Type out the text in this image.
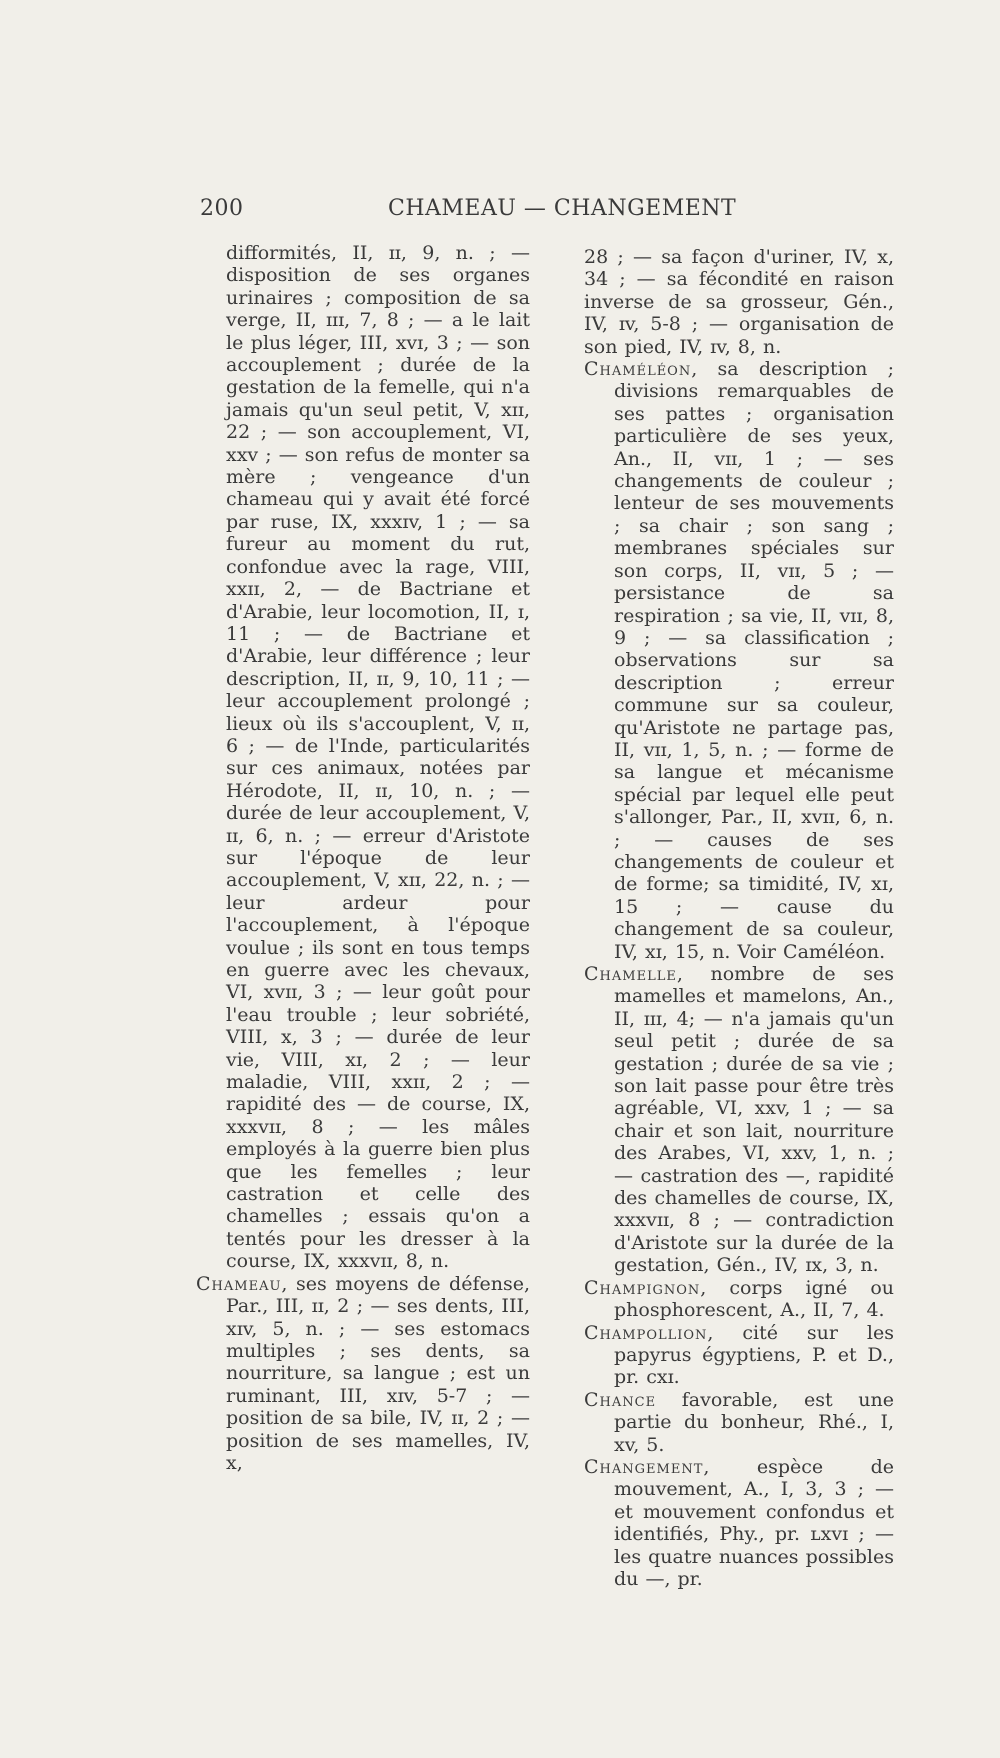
200	CHAMEAU — CHANGEMENT

difformités, II, ɪɪ, 9, n. ; — disposition de ses organes urinaires ; composition de sa verge, II, ɪɪɪ, 7, 8 ; — a le lait le plus léger, III, xvɪ, 3 ; — son accouplement ; durée de la gestation de la femelle, qui n'a jamais qu'un seul petit, V, xɪɪ, 22 ; — son accouplement, VI, xxv ; — son refus de monter sa mère ; vengeance d'un chameau qui y avait été forcé par ruse, IX, xxxɪv, 1 ; — sa fureur au moment du rut, confondue avec la rage, VIII, xxɪɪ, 2, — de Bactriane et d'Arabie, leur locomotion, II, ɪ, 11 ; — de Bactriane et d'Arabie, leur différence ; leur description, II, ɪɪ, 9, 10, 11 ; — leur accouplement prolongé ; lieux où ils s'accouplent, V, ɪɪ, 6 ; — de l'Inde, particularités sur ces animaux, notées par Hérodote, II, ɪɪ, 10, n. ; — durée de leur accouplement, V, ɪɪ, 6, n. ; — erreur d'Aristote sur l'époque de leur accouplement, V, xɪɪ, 22, n. ; — leur ardeur pour l'accouplement, à l'époque voulue ; ils sont en tous temps en guerre avec les chevaux, VI, xvɪɪ, 3 ; — leur goût pour l'eau trouble ; leur sobriété, VIII, x, 3 ; — durée de leur vie, VIII, xɪ, 2 ; — leur maladie, VIII, xxɪɪ, 2 ; — rapidité des — de course, IX, xxxvɪɪ, 8 ; — les mâles employés à la guerre bien plus que les femelles ; leur castration et celle des chamelles ; essais qu'on a tentés pour les dresser à la course, IX, xxxvɪɪ, 8, n.

Chameau, ses moyens de défense, Par., III, ɪɪ, 2 ; — ses dents, III, xɪv, 5, n. ; — ses estomacs multiples ; ses dents, sa nourriture, sa langue ; est un ruminant, III, xɪv, 5-7 ; — position de sa bile, IV, ɪɪ, 2 ; — position de ses mamelles, IV, x,

28 ; — sa façon d'uriner, IV, x, 34 ; — sa fécondité en raison inverse de sa grosseur, Gén., IV, ɪv, 5-8 ; — organisation de son pied, IV, ɪv, 8, n.

Chaméléon, sa description ; divisions remarquables de ses pattes ; organisation particulière de ses yeux, An., II, vɪɪ, 1 ; — ses changements de couleur ; lenteur de ses mouvements ; sa chair ; son sang ; membranes spéciales sur son corps, II, vɪɪ, 5 ; — persistance de sa respiration ; sa vie, II, vɪɪ, 8, 9 ; — sa classification ; observations sur sa description ; erreur commune sur sa couleur, qu'Aristote ne partage pas, II, vɪɪ, 1, 5, n. ; — forme de sa langue et mécanisme spécial par lequel elle peut s'allonger, Par., II, xvɪɪ, 6, n. ; — causes de ses changements de couleur et de forme; sa timidité, IV, xɪ, 15 ; — cause du changement de sa couleur, IV, xɪ, 15, n. Voir Caméléon.

Chamelle, nombre de ses mamelles et mamelons, An., II, ɪɪɪ, 4; — n'a jamais qu'un seul petit ; durée de sa gestation ; durée de sa vie ; son lait passe pour être très agréable, VI, xxv, 1 ; — sa chair et son lait, nourriture des Arabes, VI, xxv, 1, n. ; — castration des —, rapidité des chamelles de course, IX, xxxvɪɪ, 8 ; — contradiction d'Aristote sur la durée de la gestation, Gén., IV, ɪx, 3, n.

Champignon, corps igné ou phosphorescent, A., II, 7, 4.

Champollion, cité sur les papyrus égyptiens, P. et D., pr. cxɪ.

Chance favorable, est une partie du bonheur, Rhé., I, xv, 5.

Changement, espèce de mouvement, A., I, 3, 3 ; — et mouvement confondus et identifiés, Phy., pr. ʟxvɪ ; — les quatre nuances possibles du —, pr.
